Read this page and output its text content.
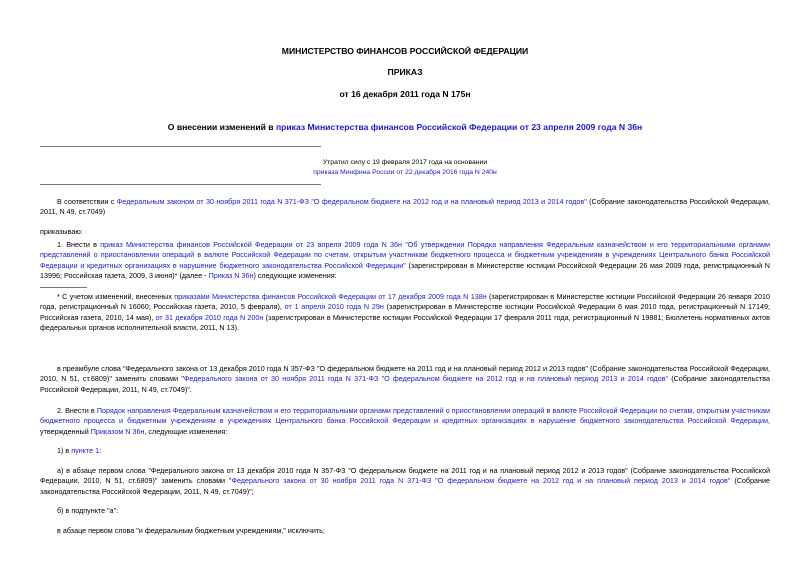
МИНИСТЕРСТВО ФИНАНСОВ РОССИЙСКОЙ ФЕДЕРАЦИИ
ПРИКАЗ
от 16 декабря 2011 года N 175н
О внесении изменений в приказ Министерства финансов Российской Федерации от 23 апреля 2009 года N 36н
Утратил силу с 19 февраля 2017 года на основании
приказа Минфина России от 22 декабря 2016 года N 240н
В соответствии с Федеральным законом от 30 ноября 2011 года N 371-ФЗ "О федеральном бюджете на 2012 год и на плановый период 2013 и 2014 годов" (Собрание законодательства Российской Федерации, 2011, N 49, ст.7049)
приказываю:
1. Внести в приказ Министерства финансов Российской Федерации от 23 апреля 2009 года N 36н "Об утверждении Порядка направления Федеральным казначейством и его территориальными органами представлений о приостановлении операций в валюте Российской Федерации по счетам, открытым участникам бюджетного процесса и бюджетным учреждениям в учреждениях Центрального банка Российской Федерации и кредитных организациях в нарушение бюджетного законодательства Российской Федерации" (зарегистрирован в Министерстве юстиции Российской Федерации 26 мая 2009 года, регистрационный N 13996; Российская газета, 2009, 3 июня)* (далее - Приказ N 36н) следующие изменения:
* С учетом изменений, внесенных приказами Министерства финансов Российской Федерации от 17 декабря 2009 года N 138н (зарегистрирован в Министерстве юстиции Российской Федерации 26 января 2010 года, регистрационный N 16060; Российская газета, 2010, 5 февраля), от 1 апреля 2010 года N 29н (зарегистрирован в Министерстве юстиции Российской Федерации 6 мая 2010 года, регистрационный N 17149; Российская газета, 2010, 14 мая), от 31 декабря 2010 года N 200н (зарегистрирован в Министерстве юстиции Российской Федерации 17 февраля 2011 года, регистрационный N 19881; Бюллетень нормативных актов федеральных органов исполнительной власти, 2011, N 13).
в преамбуле слова "Федерального закона от 13 декабря 2010 года N 357-ФЗ "О федеральном бюджете на 2011 год и на плановый период 2012 и 2013 годов" (Собрание законодательства Российской Федерации, 2010, N 51, ст.6809)" заменить словами "Федерального закона от 30 ноября 2011 года N 371-ФЗ "О федеральном бюджете на 2012 год и на плановый период 2013 и 2014 годов" (Собрание законодательства Российской Федерации, 2011, N 49, ст.7049)".
2. Внести в Порядок направления Федеральным казначейством и его территориальными органами представлений о приостановлении операций в валюте Российской Федерации по счетам, открытым участникам бюджетного процесса и бюджетным учреждениям в учреждениях Центрального банка Российской Федерации и кредитных организациях в нарушение бюджетного законодательства Российской Федерации, утвержденный Приказом N 36н, следующие изменения:
1) в пункте 1:
а) в абзаце первом слова "Федерального закона от 13 декабря 2010 года N 357-ФЗ "О федеральном бюджете на 2011 год и на плановый период 2012 и 2013 годов" (Собрание законодательства Российской Федерации, 2010, N 51, ст.6809)" заменить словами "Федерального закона от 30 ноября 2011 года N 371-ФЗ "О федеральном бюджете на 2012 год и на плановый период 2013 и 2014 годов" (Собрание законодательства Российской Федерации, 2011, N 49, ст.7049)";
б) в подпункте "а":
в абзаце первом слова "и федеральным бюджетным учреждениям," исключить;
